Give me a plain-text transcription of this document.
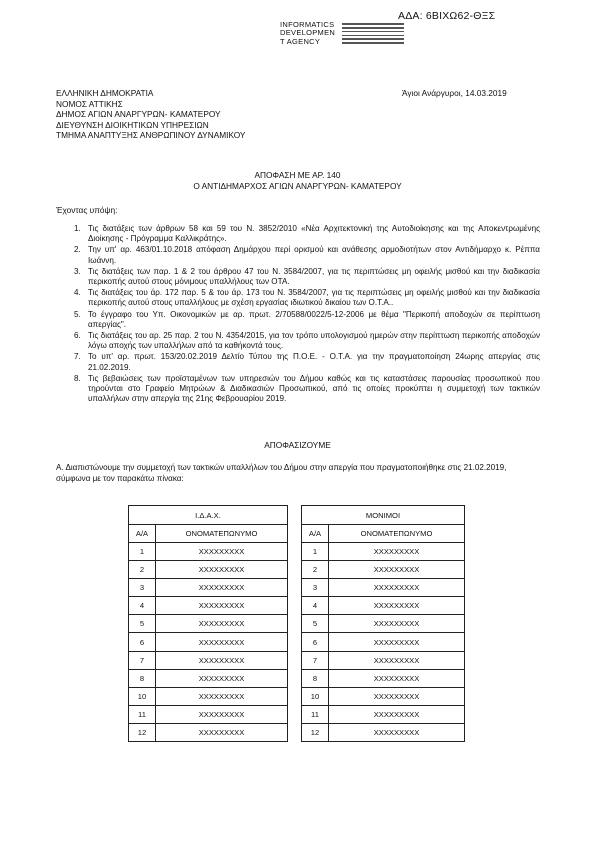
ΑΔΑ: 6ΒΙΧΩ62-ΘΞΣ
INFORMATICS
DEVELOPMEN
T AGENCY
ΕΛΛΗΝΙΚΗ ΔΗΜΟΚΡΑΤΙΑ
ΝΟΜΟΣ ΑΤΤΙΚΗΣ
ΔΗΜΟΣ ΑΓΙΩΝ ΑΝΑΡΓΥΡΩΝ- ΚΑΜΑΤΕΡΟΥ
ΔΙΕΥΘΥΝΣΗ ΔΙΟΙΚΗΤΙΚΩΝ ΥΠΗΡΕΣΙΩΝ
ΤΜΗΜΑ ΑΝΑΠΤΥΞΗΣ ΑΝΘΡΩΠΙΝΟΥ ΔΥΝΑΜΙΚΟΥ
Άγιοι Ανάργυροι, 14.03.2019
ΑΠΟΦΑΣΗ ΜΕ ΑΡ. 140
Ο ΑΝΤΙΔΗΜΑΡΧΟΣ ΑΓΙΩΝ ΑΝΑΡΓΥΡΩΝ- ΚΑΜΑΤΕΡΟΥ
Έχοντας υπόψη:
1. Τις διατάξεις των άρθρων 58 και 59 του Ν. 3852/2010 «Νέα Αρχιτεκτονική της Αυτοδιοίκησης και της Αποκεντρωμένης Διοίκησης - Πρόγραμμα Καλλικράτης».
2. Την υπ' αρ. 463/01.10.2018 απόφαση Δημάρχου περί ορισμού και ανάθεσης αρμοδιοτήτων στον Αντιδήμαρχο κ. Ρέππα Ιωάννη.
3. Τις διατάξεις των παρ. 1 & 2 του άρθρου 47 του Ν. 3584/2007, για τις περιπτώσεις μη οφειλής μισθού και την διαδικασία περικοπής αυτού στους μόνιμους υπαλλήλους των ΟΤΑ.
4. Τις διατάξεις του άρ. 172 παρ. 5 & του άρ. 173 του Ν. 3584/2007, για τις περιπτώσεις μη οφειλής μισθού και την διαδικασία περικοπής αυτού στους υπαλλήλους με σχέση εργασίας ιδιωτικού δικαίου των Ο.Τ.Α..
5. Το έγγραφο του Υπ. Οικονομικών με αρ. πρωτ. 2/70588/0022/5-12-2006 με θέμα "Περικοπή αποδοχών σε περίπτωση απεργίας".
6. Τις διατάξεις του αρ. 25 παρ. 2 του Ν. 4354/2015, για τον τρόπο υπολογισμού ημερών στην περίπτωση περικοπής αποδοχών λόγω αποχής των υπαλλήλων από τα καθήκοντά τους.
7. Το υπ' αρ. πρωτ. 153/20.02.2019 Δελτίο Τύπου της Π.Ο.Ε. - Ο.Τ.Α. για την πραγματοποίηση 24ωρης απεργίας στις 21.02.2019.
8. Τις βεβαιώσεις των προϊσταμένων των υπηρεσιών του Δήμου καθώς και τις καταστάσεις παρουσίας προσωπικού που τηρούνται στο Γραφείο Μητρώων & Διαδικασιών Προσωπικού, από τις οποίες προκύπτει η συμμετοχή των τακτικών υπαλλήλων στην απεργία της 21ης Φεβρουαρίου 2019.
ΑΠΟΦΑΣΙΖΟΥΜΕ
Α. Διαπιστώνουμε την συμμετοχή των τακτικών υπαλλήλων του Δήμου στην απεργία που πραγματοποιήθηκε στις 21.02.2019, σύμφωνα με τον παρακάτω πίνακα:
Ι.Δ.Α.Χ.	
Α/Α	ΟΝΟΜΑΤΕΠΩΝΥΜΟ
1	XXXXXXXXX
2	XXXXXXXXX
3	XXXXXXXXX
4	XXXXXXXXX
5	XXXXXXXXX
6	XXXXXXXXX
7	XXXXXXXXX
8	XXXXXXXXX
10	XXXXXXXXX
11	XXXXXXXXX
12	XXXXXXXXX
ΜΟΝΙΜΟΙ	
Α/Α	ΟΝΟΜΑΤΕΠΩΝΥΜΟ
1	XXXXXXXXX
2	XXXXXXXXX
3	XXXXXXXXX
4	XXXXXXXXX
5	XXXXXXXXX
6	XXXXXXXXX
7	XXXXXXXXX
8	XXXXXXXXX
10	XXXXXXXXX
11	XXXXXXXXX
12	XXXXXXXXX
